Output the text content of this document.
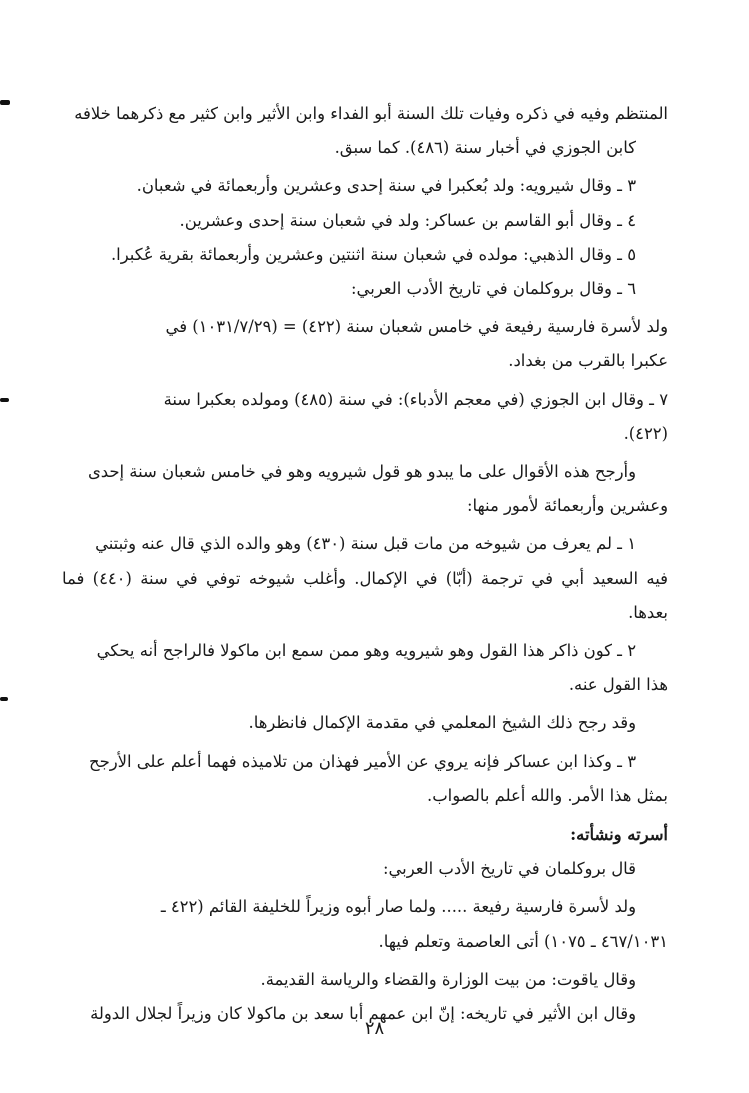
المنتظم وفيه في ذكره وفيات تلك السنة أبو الفداء وابن الأثير وابن كثير مع ذكرهما خلافه

كابن الجوزي في أخبار سنة (٤٨٦). كما سبق.

٣ ـ وقال شيرويه: ولد بُعكبرا في سنة إحدى وعشرين وأربعمائة في شعبان.

٤ ـ وقال أبو القاسم بن عساكر: ولد في شعبان سنة إحدى وعشرين.

٥ ـ وقال الذهبي: مولده في شعبان سنة اثنتين وعشرين وأربعمائة بقرية عُكبرا.

٦ ـ وقال بروكلمان في تاريخ الأدب العربي:

ولد لأسرة فارسية رفيعة في خامس شعبان سنة (٤٢٢) = (١٠٣١/٧/٢٩) في

عكبرا بالقرب من بغداد.

٧ ـ وقال ابن الجوزي (في معجم الأدباء): في سنة (٤٨٥) ومولده بعكبرا سنة

(٤٢٢).

وأرجح هذه الأقوال على ما يبدو هو قول شيرويه وهو في خامس شعبان سنة إحدى

وعشرين وأربعمائة لأمور منها:

١ ـ لم يعرف من شيوخه من مات قبل سنة (٤٣٠) وهو والده الذي قال عنه وثبتني

فيه السعيد أبي في ترجمة (أبّا) في الإكمال. وأغلب شيوخه توفي في سنة (٤٤٠) فما بعدها.

٢ ـ كون ذاكر هذا القول وهو شيرويه وهو ممن سمع ابن ماكولا فالراجح أنه يحكي

هذا القول عنه.

وقد رجح ذلك الشيخ المعلمي في مقدمة الإكمال فانظرها.

٣ ـ وكذا ابن عساكر فإنه يروي عن الأمير فهذان من تلاميذه فهما أعلم على الأرجح

بمثل هذا الأمر. والله أعلم بالصواب.

أسرته ونشأته:

قال بروكلمان في تاريخ الأدب العربي:

ولد لأسرة فارسية رفيعة ..... ولما صار أبوه وزيراً للخليفة القائم (٤٢٢ ـ

٤٦٧/١٠٣١ ـ ١٠٧٥) أتى العاصمة وتعلم فيها.

وقال ياقوت: من بيت الوزارة والقضاء والرياسة القديمة.

وقال ابن الأثير في تاريخه: إنّ ابن عمهم أبا سعد بن ماكولا كان وزيراً لجلال الدولة

٢٨
